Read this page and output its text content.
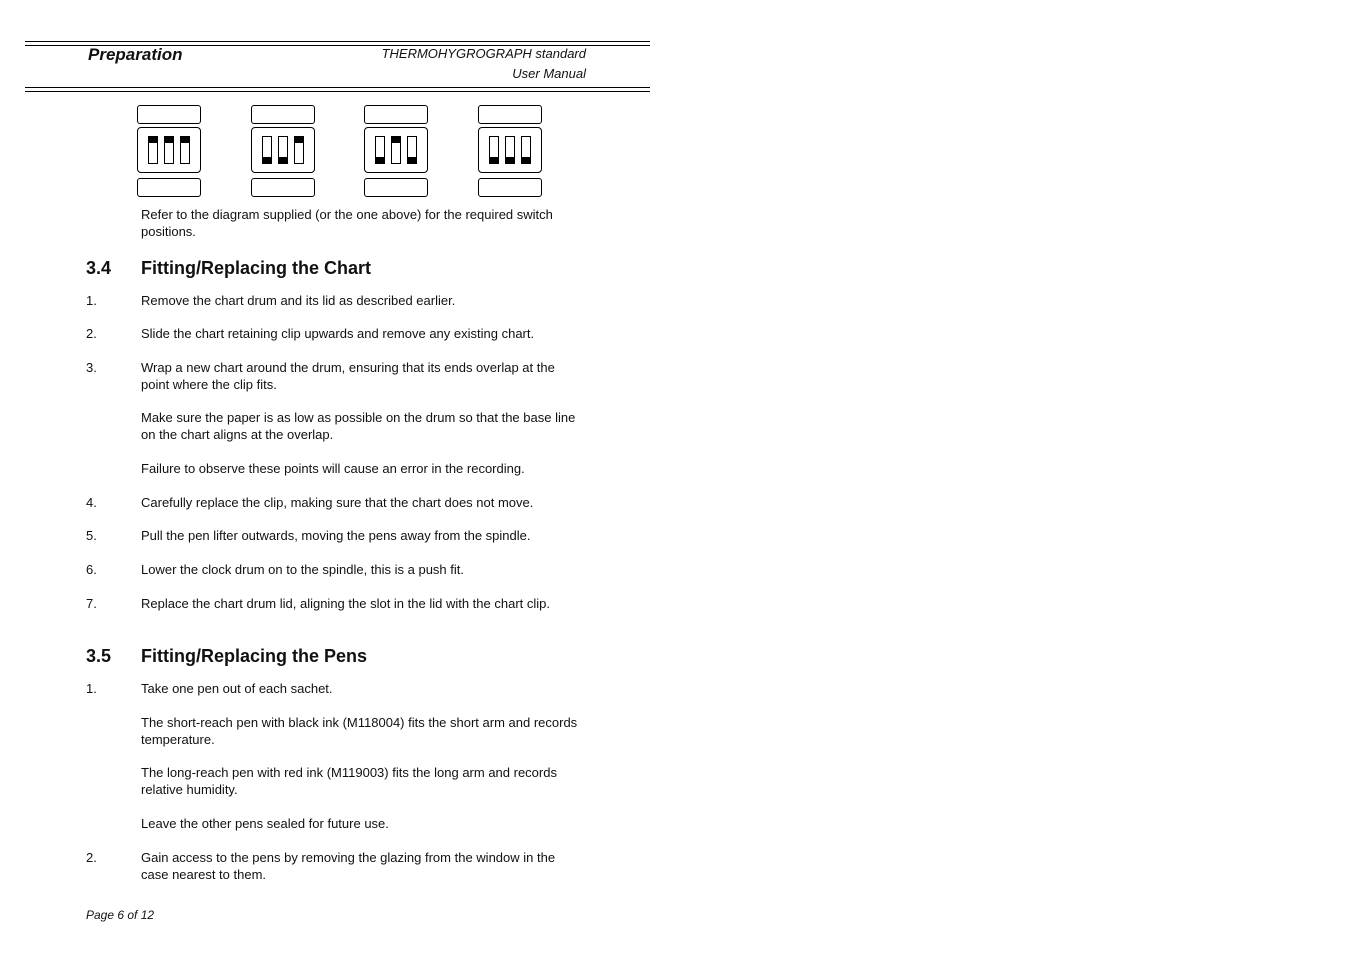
Preparation	THERMOHYGROGRAPH standard
User Manual
Refer to the diagram supplied (or the one above) for the required switch positions.
3.4 Fitting/Replacing the Chart
1.	Remove the chart drum and its lid as described earlier.
2.	Slide the chart retaining clip upwards and remove any existing chart.
3.	Wrap a new chart around the drum, ensuring that its ends overlap at the point where the clip fits.
Make sure the paper is as low as possible on the drum so that the base line on the chart aligns at the overlap.
Failure to observe these points will cause an error in the recording.
4.	Carefully replace the clip, making sure that the chart does not move.
5.	Pull the pen lifter outwards, moving the pens away from the spindle.
6.	Lower the clock drum on to the spindle, this is a push fit.
7.	Replace the chart drum lid, aligning the slot in the lid with the chart clip.
3.5 Fitting/Replacing the Pens
1.	Take one pen out of each sachet.
The short-reach pen with black ink (M118004) fits the short arm and records temperature.
The long-reach pen with red ink (M119003) fits the long arm and records relative humidity.
Leave the other pens sealed for future use.
2.	Gain access to the pens by removing the glazing from the window in the case nearest to them.
Page 6 of 12
